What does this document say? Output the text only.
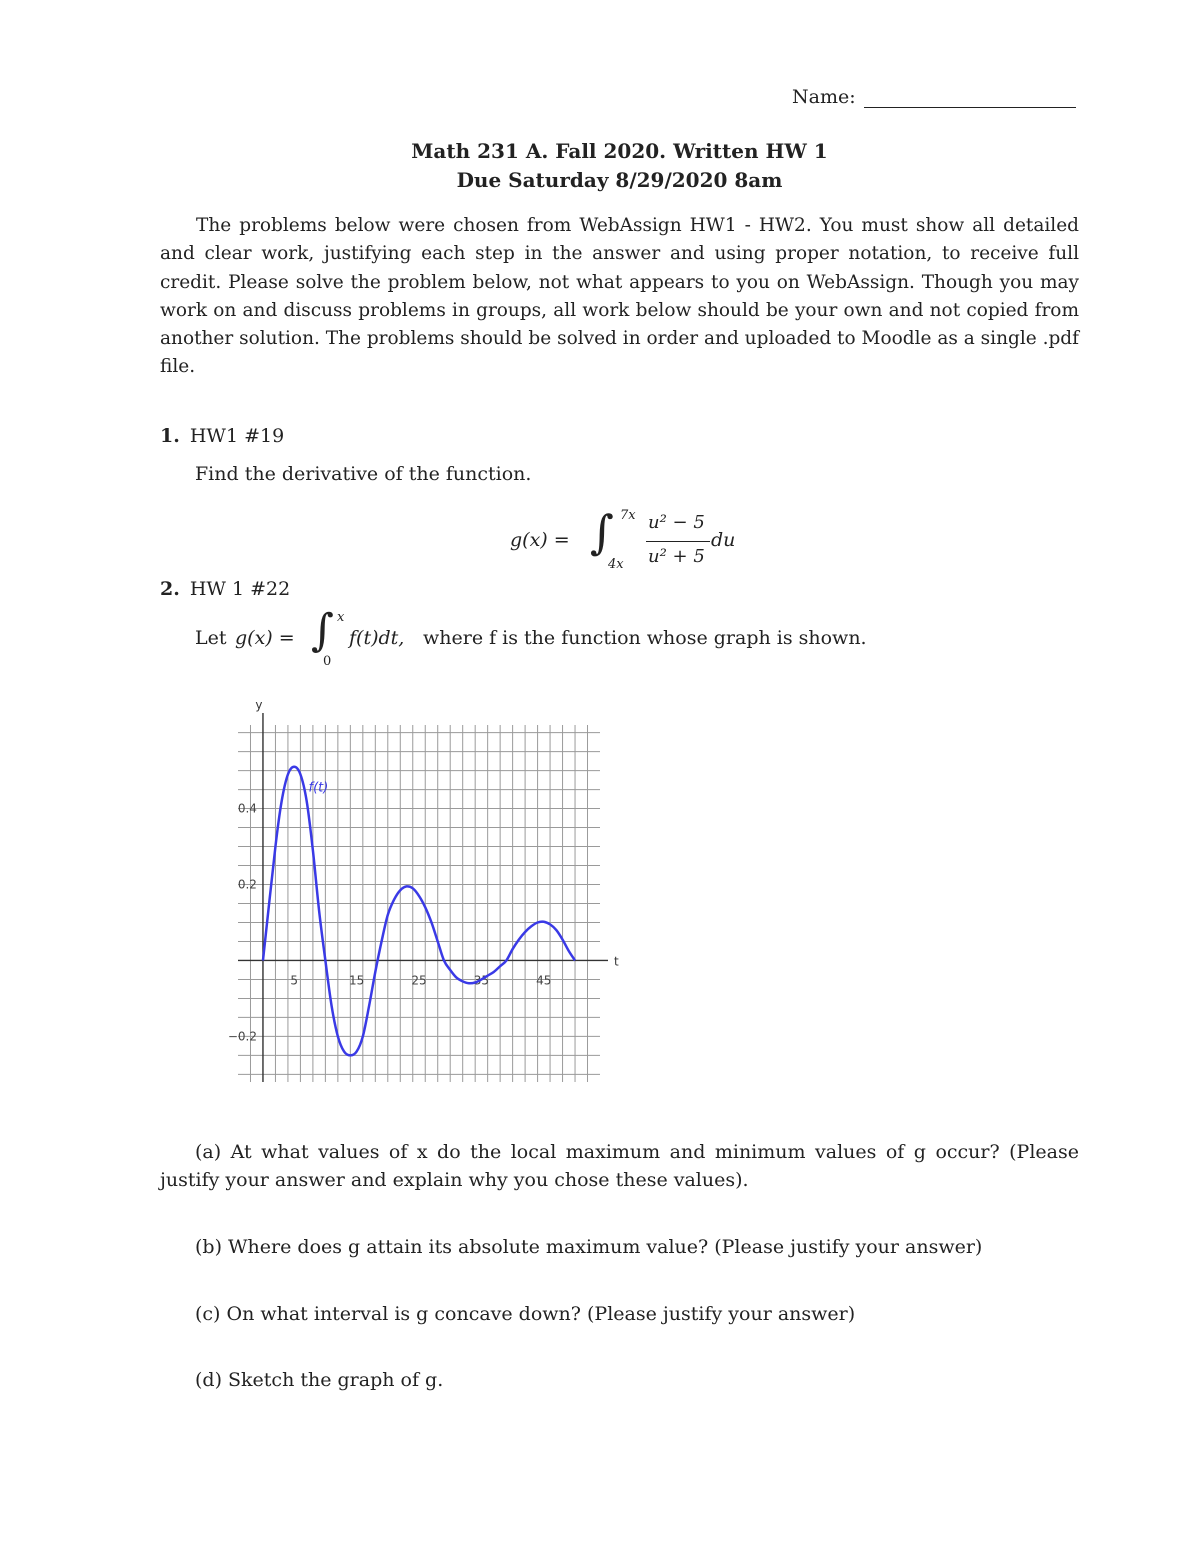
Name:
Math 231 A. Fall 2020. Written HW 1
Due Saturday 8/29/2020 8am

The problems below were chosen from WebAssign HW1 - HW2. You must show all detailed and clear work, justifying each step in the answer and using proper notation, to receive full credit. Please solve the problem below, not what appears to you on WebAssign. Though you may work on and discuss problems in groups, all work below should be your own and not copied from another solution. The problems should be solved in order and uploaded to Moodle as a single .pdf file.

1. HW1 #19
Find the derivative of the function.
g(x) = ∫ 7x
4x
u² − 5
u² + 5
du
2. HW 1 #22
Let g(x) = ∫ x
0
f(t)dt, where f is the function whose graph is shown.
5	15	25	35	45
0.4
0.2
−0.2
f(t)
t
y

(a) At what values of x do the local maximum and minimum values of g occur? (Please justify your answer and explain why you chose these values).

(b) Where does g attain its absolute maximum value? (Please justify your answer)

(c) On what interval is g concave down? (Please justify your answer)

(d) Sketch the graph of g.
